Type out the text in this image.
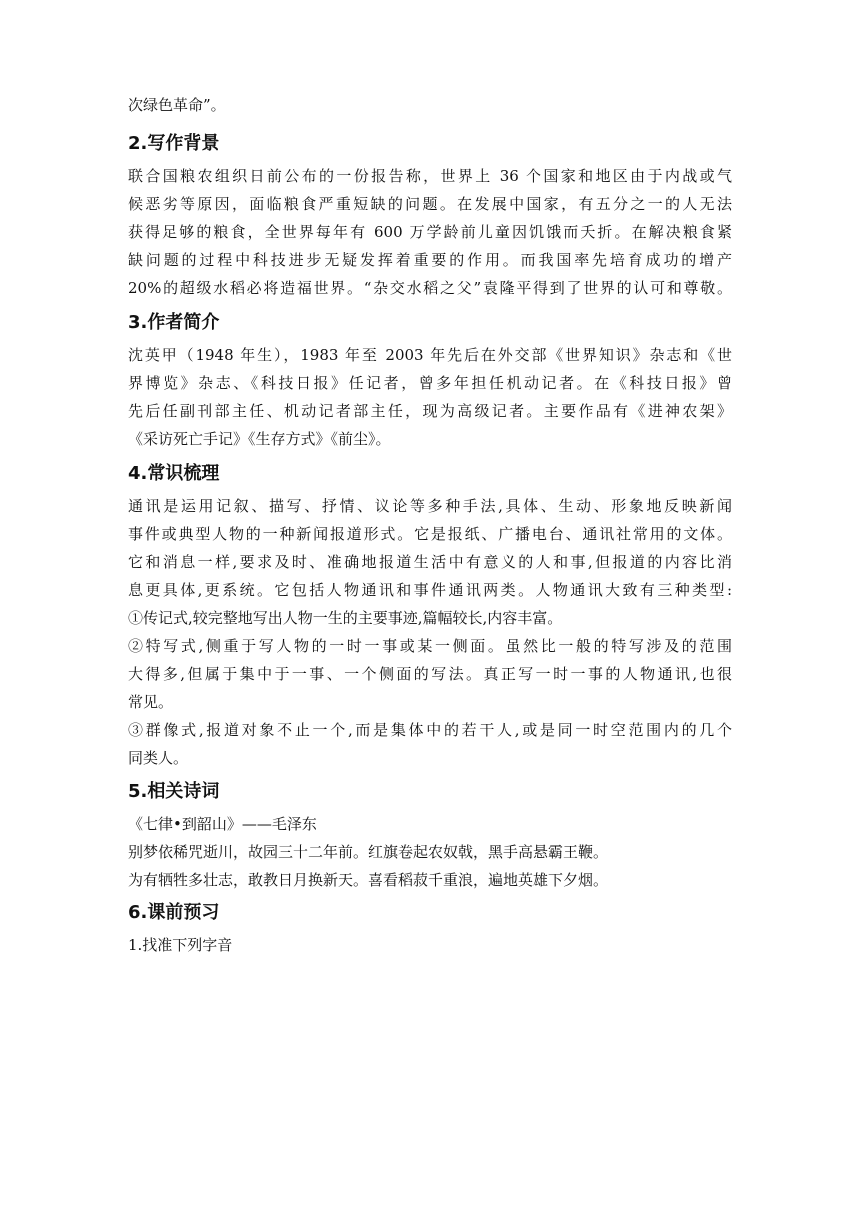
次绿色革命”。
2.写作背景
联合国粮农组织日前公布的一份报告称，世界上 36 个国家和地区由于内战或气
候恶劣等原因，面临粮食严重短缺的问题。在发展中国家，有五分之一的人无法
获得足够的粮食，全世界每年有 600 万学龄前儿童因饥饿而夭折。在解决粮食紧
缺问题的过程中科技进步无疑发挥着重要的作用。而我国率先培育成功的增产
20%的超级水稻必将造福世界。“杂交水稻之父”袁隆平得到了世界的认可和尊敬。
3.作者简介
沈英甲（1948 年生），1983 年至 2003 年先后在外交部《世界知识》杂志和《世
界博览》杂志、《科技日报》任记者，曾多年担任机动记者。在《科技日报》曾
先后任副刊部主任、机动记者部主任，现为高级记者。主要作品有《进神农架》
《采访死亡手记》《生存方式》《前尘》。
4.常识梳理
通讯是运用记叙、描写、抒情、议论等多种手法,具体、生动、形象地反映新闻
事件或典型人物的一种新闻报道形式。它是报纸、广播电台、通讯社常用的文体。
它和消息一样,要求及时、准确地报道生活中有意义的人和事,但报道的内容比消
息更具体,更系统。它包括人物通讯和事件通讯两类。人物通讯大致有三种类型:
①传记式,较完整地写出人物一生的主要事迹,篇幅较长,内容丰富。
②特写式,侧重于写人物的一时一事或某一侧面。虽然比一般的特写涉及的范围
大得多,但属于集中于一事、一个侧面的写法。真正写一时一事的人物通讯,也很
常见。
③群像式,报道对象不止一个,而是集体中的若干人,或是同一时空范围内的几个
同类人。
5.相关诗词
《七律•到韶山》——毛泽东
别梦依稀咒逝川，故园三十二年前。红旗卷起农奴戟，黑手高悬霸王鞭。
为有牺牲多壮志，敢教日月换新天。喜看稻菽千重浪，遍地英雄下夕烟。
6.课前预习
1.找准下列字音
